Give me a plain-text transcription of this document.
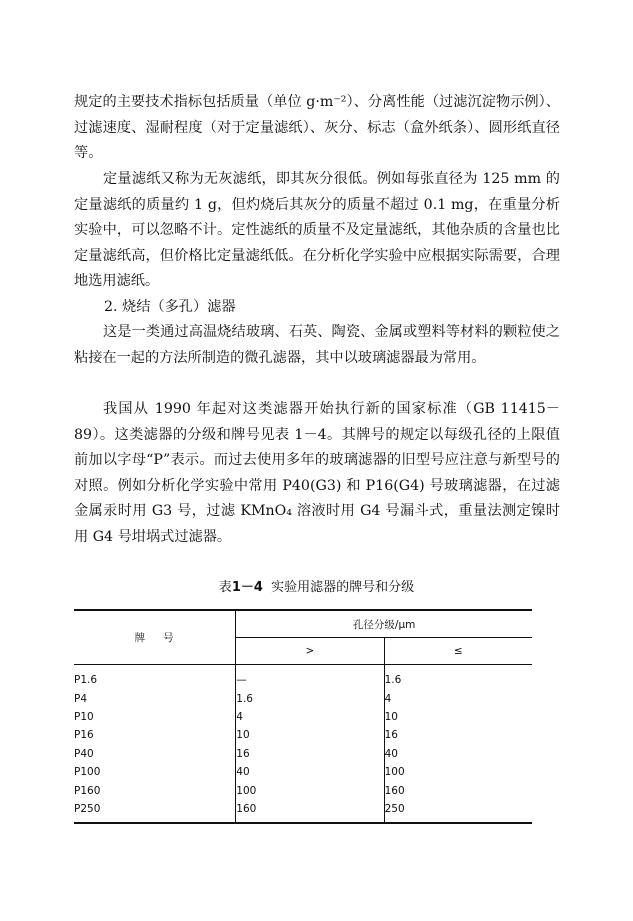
规定的主要技术指标包括质量（单位 g·m⁻²）、分离性能（过滤沉淀物示例）、过滤速度、湿耐程度（对于定量滤纸）、灰分、标志（盒外纸条）、圆形纸直径等。

定量滤纸又称为无灰滤纸，即其灰分很低。例如每张直径为 125 mm 的定量滤纸的质量约 1 g，但灼烧后其灰分的质量不超过 0.1 mg，在重量分析实验中，可以忽略不计。定性滤纸的质量不及定量滤纸，其他杂质的含量也比定量滤纸高，但价格比定量滤纸低。在分析化学实验中应根据实际需要，合理地选用滤纸。

2. 烧结（多孔）滤器

这是一类通过高温烧结玻璃、石英、陶瓷、金属或塑料等材料的颗粒使之粘接在一起的方法所制造的微孔滤器，其中以玻璃滤器最为常用。

我国从 1990 年起对这类滤器开始执行新的国家标准（GB 11415－89）。这类滤器的分级和牌号见表 1－4。其牌号的规定以每级孔径的上限值前加以字母“P”表示。而过去使用多年的玻璃滤器的旧型号应注意与新型号的对照。例如分析化学实验中常用 P40(G3) 和 P16(G4) 号玻璃滤器，在过滤金属汞时用 G3 号，过滤 KMnO₄ 溶液时用 G4 号漏斗式，重量法测定镍时用 G4 号坩埚式过滤器。

表1－4 实验用滤器的牌号和分级

牌号	孔径分级/μm	
	>	≤
P1.6	—	1.6
P4	1.6	4
P10	4	10
P16	10	16
P40	16	40
P100	40	100
P160	100	160
P250	160	250
